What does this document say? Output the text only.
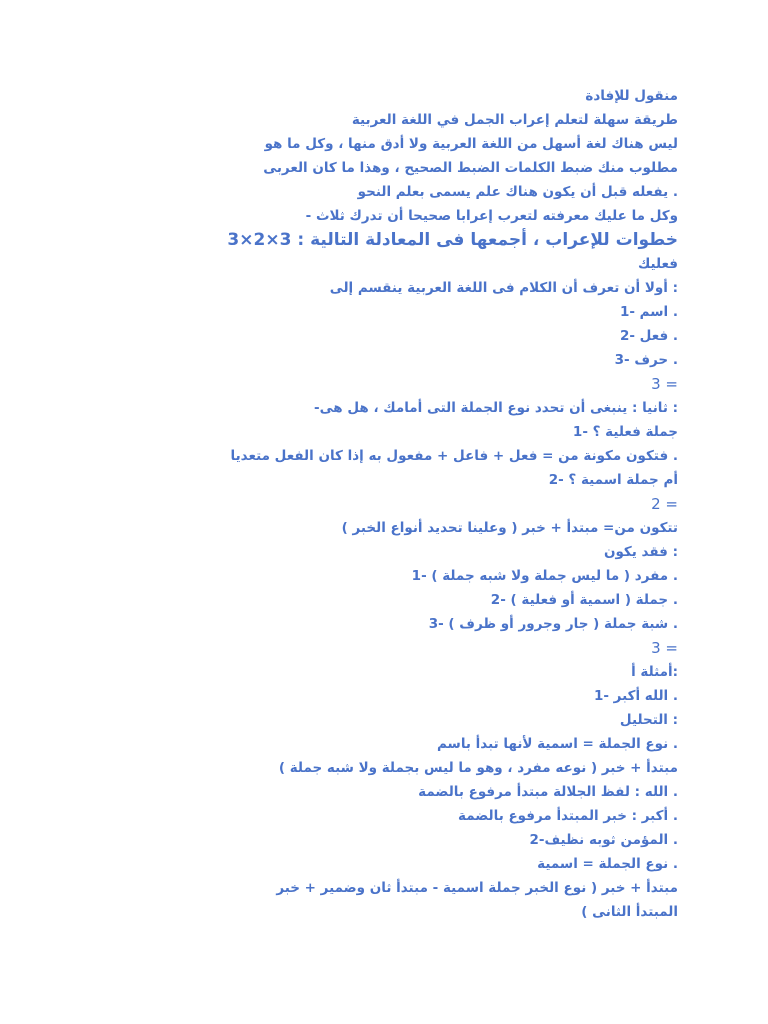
منقول للإفادة
طريقة سهلة لتعلم إعراب الجمل في اللغة العربية
ليس هناك لغة أسهل من اللغة العربية ولا أدق منها ، وكل ما هو
مطلوب منك ضبط الكلمات الضبط الصحيح ، وهذا ما كان العربى
. يفعله قبل أن يكون هناك علم يسمى بعلم النحو
وكل ما عليك معرفته لتعرب إعرابا صحيحا أن تدرك ثلاث -
خطوات للإعراب ، أجمعها فى المعادلة التالية : 3×2×3
فعليك
: أولا أن تعرف أن الكلام فى اللغة العربية ينقسم إلى
. اسم -1
. فعل -2
. حرف -3
= 3
: ثانيا : ينبغى أن تحدد نوع الجملة التى أمامك ، هل هى-
جملة فعلية ؟ -1
. فتكون مكونة من = فعل + فاعل + مفعول به إذا كان الفعل متعديا
أم جملة اسمية ؟ -2
= 2
تتكون من= مبتدأ + خبر ( وعلينا تحديد أنواع الخبر )
: فقد يكون
. مفرد ( ما ليس جملة ولا شبه جملة ) -1
. جملة ( اسمية أو فعلية ) -2
. شبة جملة ( جار وجرور أو ظرف ) -3
= 3
:أمثلة أ
. الله أكبر -1
: التحليل
. نوع الجملة = اسمية لأنها تبدأ باسم
مبتدأ + خبر ( نوعه مفرد ، وهو ما ليس بجملة ولا شبه جملة )
. الله : لفظ الجلالة مبتدأ مرفوع بالضمة
. أكبر : خبر المبتدأ مرفوع بالضمة
. المؤمن ثوبه نظيف-2
. نوع الجملة = اسمية
مبتدأ + خبر ( نوع الخبر جملة اسمية - مبتدأ ثان وضمير + خبر
المبتدأ الثانى )
